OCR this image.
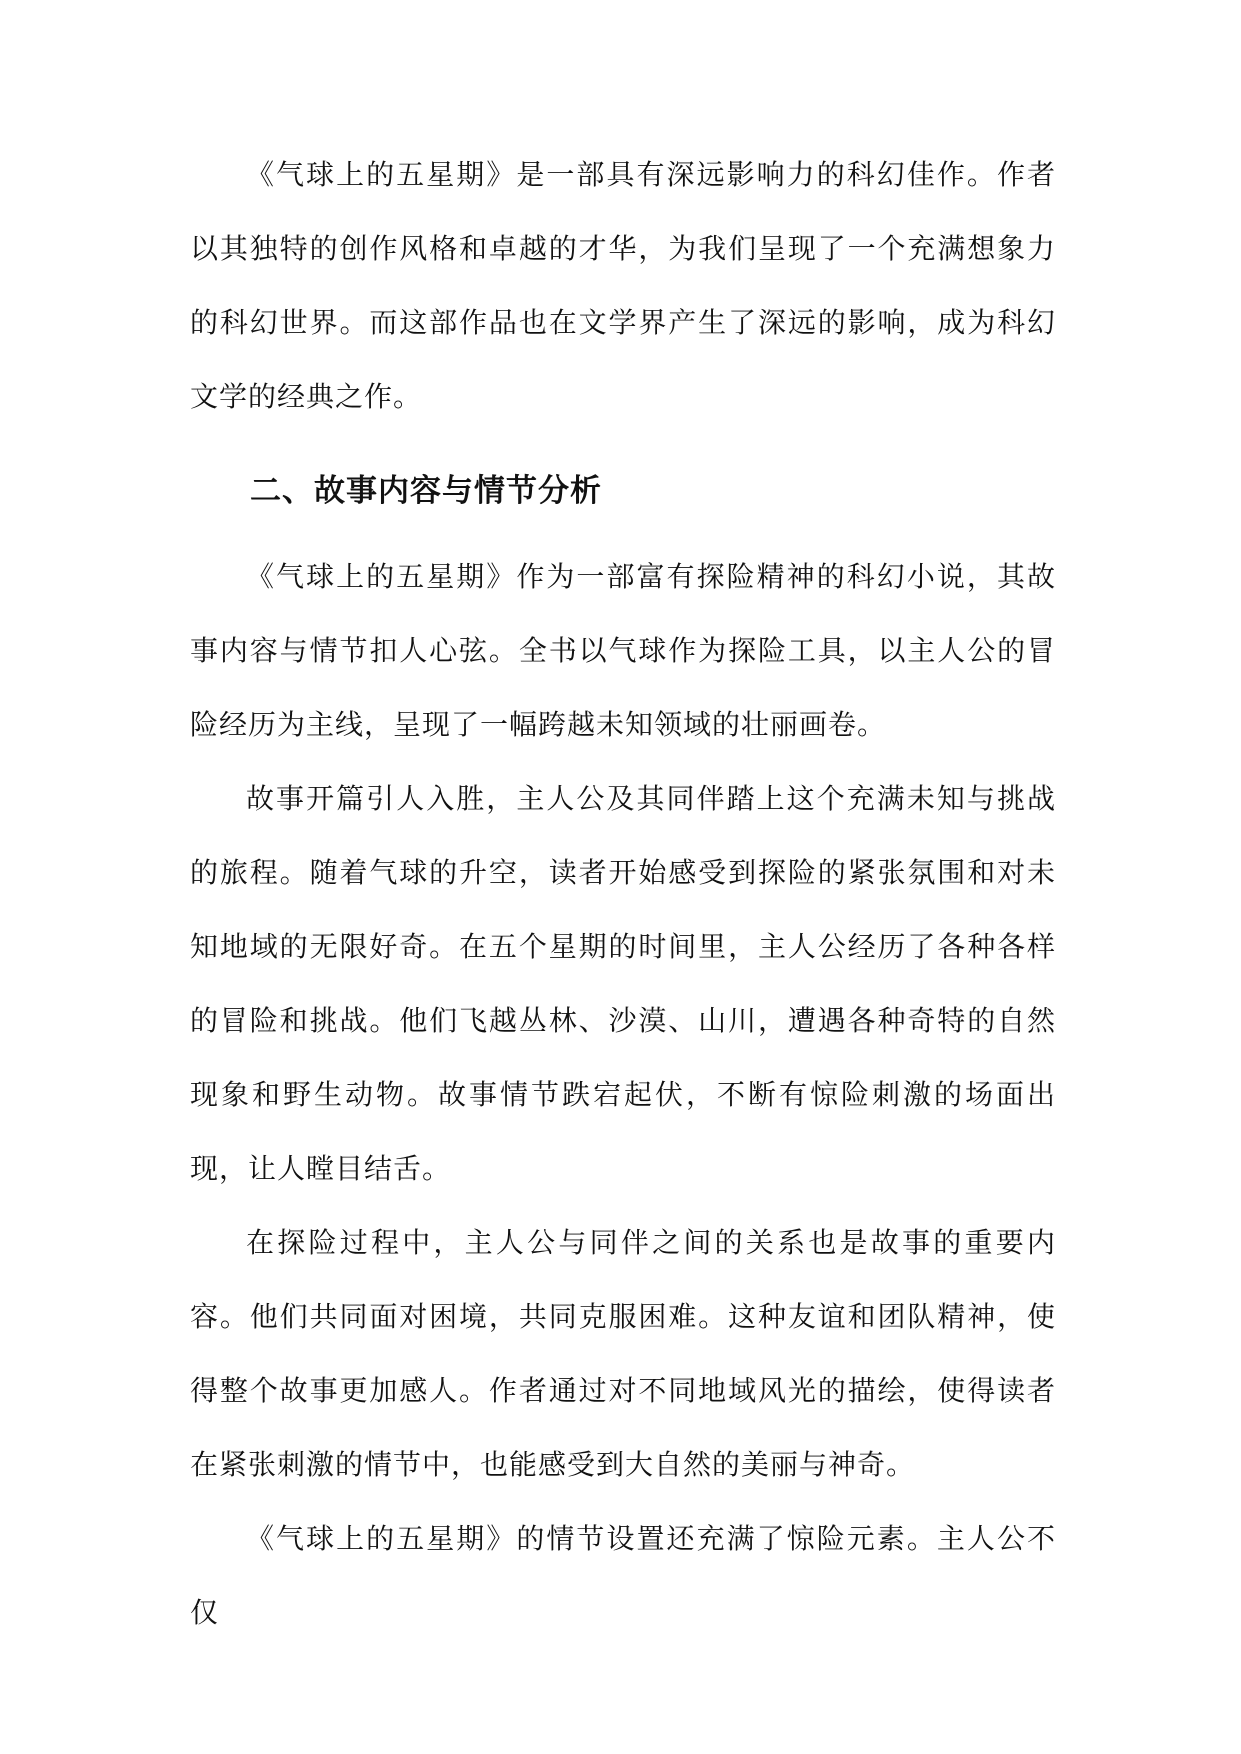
《气球上的五星期》是一部具有深远影响力的科幻佳作。作者以其独特的创作风格和卓越的才华，为我们呈现了一个充满想象力的科幻世界。而这部作品也在文学界产生了深远的影响，成为科幻文学的经典之作。

二、故事内容与情节分析

《气球上的五星期》作为一部富有探险精神的科幻小说，其故事内容与情节扣人心弦。全书以气球作为探险工具，以主人公的冒险经历为主线，呈现了一幅跨越未知领域的壮丽画卷。

故事开篇引人入胜，主人公及其同伴踏上这个充满未知与挑战的旅程。随着气球的升空，读者开始感受到探险的紧张氛围和对未知地域的无限好奇。在五个星期的时间里，主人公经历了各种各样的冒险和挑战。他们飞越丛林、沙漠、山川，遭遇各种奇特的自然现象和野生动物。故事情节跌宕起伏，不断有惊险刺激的场面出现，让人瞠目结舌。

在探险过程中，主人公与同伴之间的关系也是故事的重要内容。他们共同面对困境，共同克服困难。这种友谊和团队精神，使得整个故事更加感人。作者通过对不同地域风光的描绘，使得读者在紧张刺激的情节中，也能感受到大自然的美丽与神奇。

《气球上的五星期》的情节设置还充满了惊险元素。主人公不仅
